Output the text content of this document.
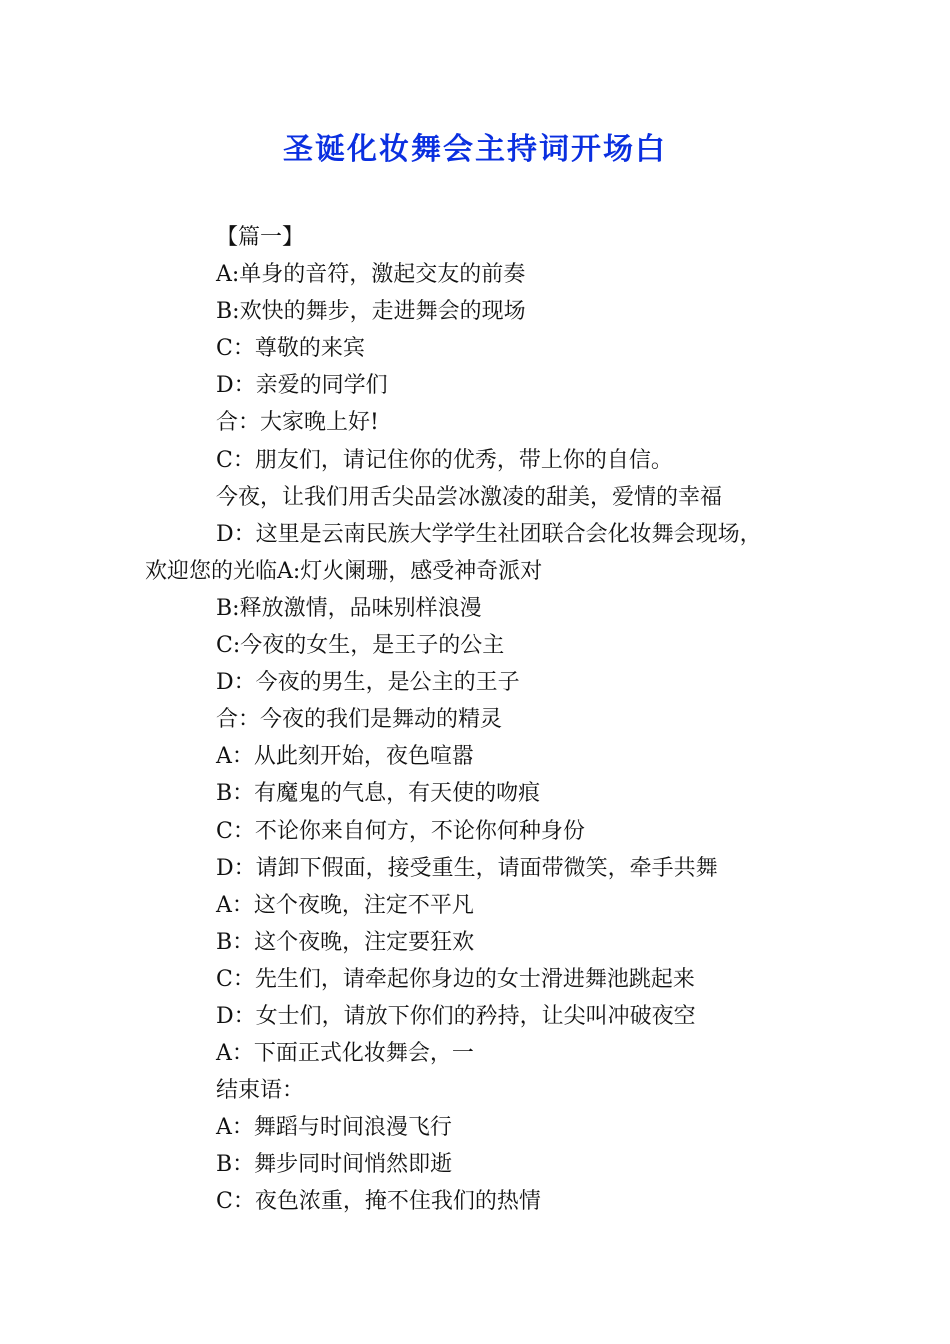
圣诞化妆舞会主持词开场白
【篇一】
A:单身的音符，激起交友的前奏
B:欢快的舞步，走进舞会的现场
C：尊敬的来宾
D：亲爱的同学们
合：大家晚上好!
C：朋友们，请记住你的优秀，带上你的自信。
今夜，让我们用舌尖品尝冰激凌的甜美，爱情的幸福
D：这里是云南民族大学学生社团联合会化妆舞会现场，
欢迎您的光临A:灯火阑珊，感受神奇派对
B:释放激情，品味别样浪漫
C:今夜的女生，是王子的公主
D：今夜的男生，是公主的王子
合：今夜的我们是舞动的精灵
A：从此刻开始，夜色喧嚣
B：有魔鬼的气息，有天使的吻痕
C：不论你来自何方，不论你何种身份
D：请卸下假面，接受重生，请面带微笑，牵手共舞
A：这个夜晚，注定不平凡
B：这个夜晚，注定要狂欢
C：先生们，请牵起你身边的女士滑进舞池跳起来
D：女士们，请放下你们的矜持，让尖叫冲破夜空
A：下面正式化妆舞会，一
结束语：
A：舞蹈与时间浪漫飞行
B：舞步同时间悄然即逝
C：夜色浓重，掩不住我们的热情
